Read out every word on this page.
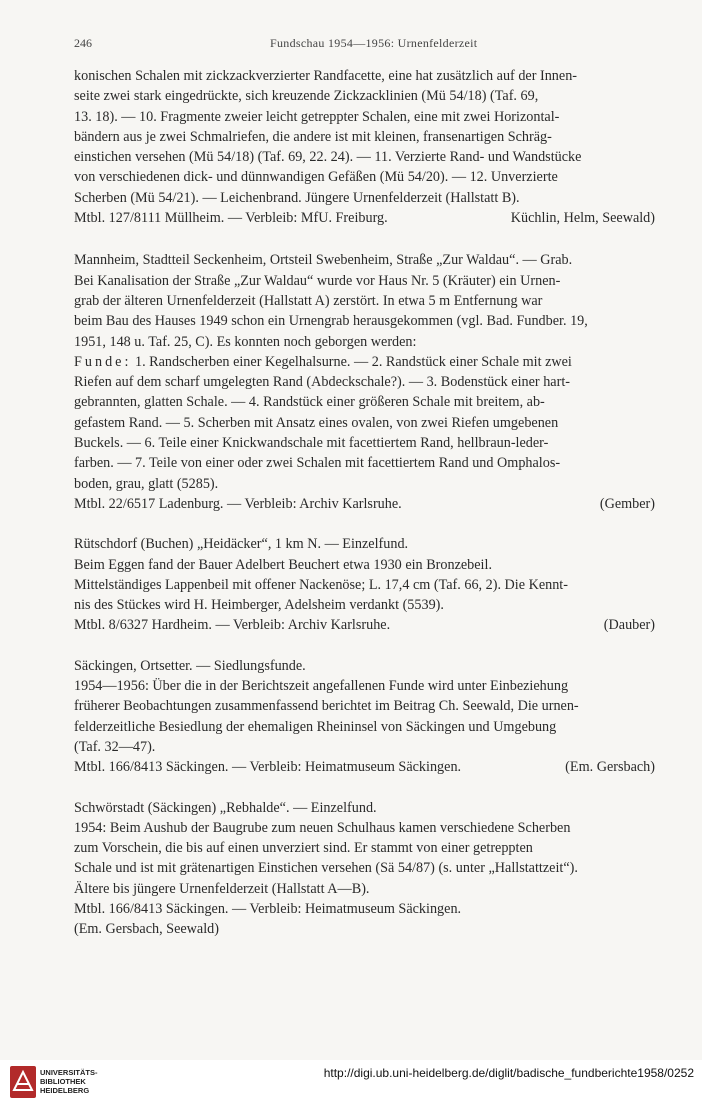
246	Fundschau 1954—1956: Urnenfelderzeit

konischen Schalen mit zickzackverzierter Randfacette, eine hat zusätzlich auf der Innen-

seite zwei stark eingedrückte, sich kreuzende Zickzacklinien (Mü 54/18) (Taf. 69,

13. 18). — 10. Fragmente zweier leicht getreppter Schalen, eine mit zwei Horizontal-

bändern aus je zwei Schmalriefen, die andere ist mit kleinen, fransenartigen Schräg-

einstichen versehen (Mü 54/18) (Taf. 69, 22. 24). — 11. Verzierte Rand- und Wandstücke

von verschiedenen dick- und dünnwandigen Gefäßen (Mü 54/20). — 12. Unverzierte

Scherben (Mü 54/21). — Leichenbrand. Jüngere Urnenfelderzeit (Hallstatt B).

Mtbl. 127/8111 Müllheim. — Verbleib: MfU. Freiburg.	Küchlin, Helm, Seewald)

Mannheim, Stadtteil Seckenheim, Ortsteil Swebenheim, Straße „Zur Waldau“. — Grab.

Bei Kanalisation der Straße „Zur Waldau“ wurde vor Haus Nr. 5 (Kräuter) ein Urnen-

grab der älteren Urnenfelderzeit (Hallstatt A) zerstört. In etwa 5 m Entfernung war

beim Bau des Hauses 1949 schon ein Urnengrab herausgekommen (vgl. Bad. Fundber. 19,

1951, 148 u. Taf. 25, C). Es konnten noch geborgen werden:

Funde: 1. Randscherben einer Kegelhalsurne. — 2. Randstück einer Schale mit zwei

Riefen auf dem scharf umgelegten Rand (Abdeckschale?). — 3. Bodenstück einer hart-

gebrannten, glatten Schale. — 4. Randstück einer größeren Schale mit breitem, ab-

gefastem Rand. — 5. Scherben mit Ansatz eines ovalen, von zwei Riefen umgebenen

Buckels. — 6. Teile einer Knickwandschale mit facettiertem Rand, hellbraun-leder-

farben. — 7. Teile von einer oder zwei Schalen mit facettiertem Rand und Omphalos-

boden, grau, glatt (5285).

Mtbl. 22/6517 Ladenburg. — Verbleib: Archiv Karlsruhe.	(Gember)

Rütschdorf (Buchen) „Heidäcker“, 1 km N. — Einzelfund.

Beim Eggen fand der Bauer Adelbert Beuchert etwa 1930 ein Bronzebeil.

Mittelständiges Lappenbeil mit offener Nackenöse; L. 17,4 cm (Taf. 66, 2). Die Kennt-

nis des Stückes wird H. Heimberger, Adelsheim verdankt (5539).

Mtbl. 8/6327 Hardheim. — Verbleib: Archiv Karlsruhe.	(Dauber)

Säckingen, Ortsetter. — Siedlungsfunde.

1954—1956: Über die in der Berichtszeit angefallenen Funde wird unter Einbeziehung

früherer Beobachtungen zusammenfassend berichtet im Beitrag Ch. Seewald, Die urnen-

felderzeitliche Besiedlung der ehemaligen Rheininsel von Säckingen und Umgebung

(Taf. 32—47).

Mtbl. 166/8413 Säckingen. — Verbleib: Heimatmuseum Säckingen.	(Em. Gersbach)

Schwörstadt (Säckingen) „Rebhalde“. — Einzelfund.

1954: Beim Aushub der Baugrube zum neuen Schulhaus kamen verschiedene Scherben

zum Vorschein, die bis auf einen unverziert sind. Er stammt von einer getreppten

Schale und ist mit grätenartigen Einstichen versehen (Sä 54/87) (s. unter „Hallstattzeit“).

Ältere bis jüngere Urnenfelderzeit (Hallstatt A—B).

Mtbl. 166/8413 Säckingen. — Verbleib: Heimatmuseum Säckingen.

(Em. Gersbach, Seewald)

UNIVERSITÄTS-
BIBLIOTHEK
HEIDELBERG
http://digi.ub.uni-heidelberg.de/diglit/badische_fundberichte1958/0252
